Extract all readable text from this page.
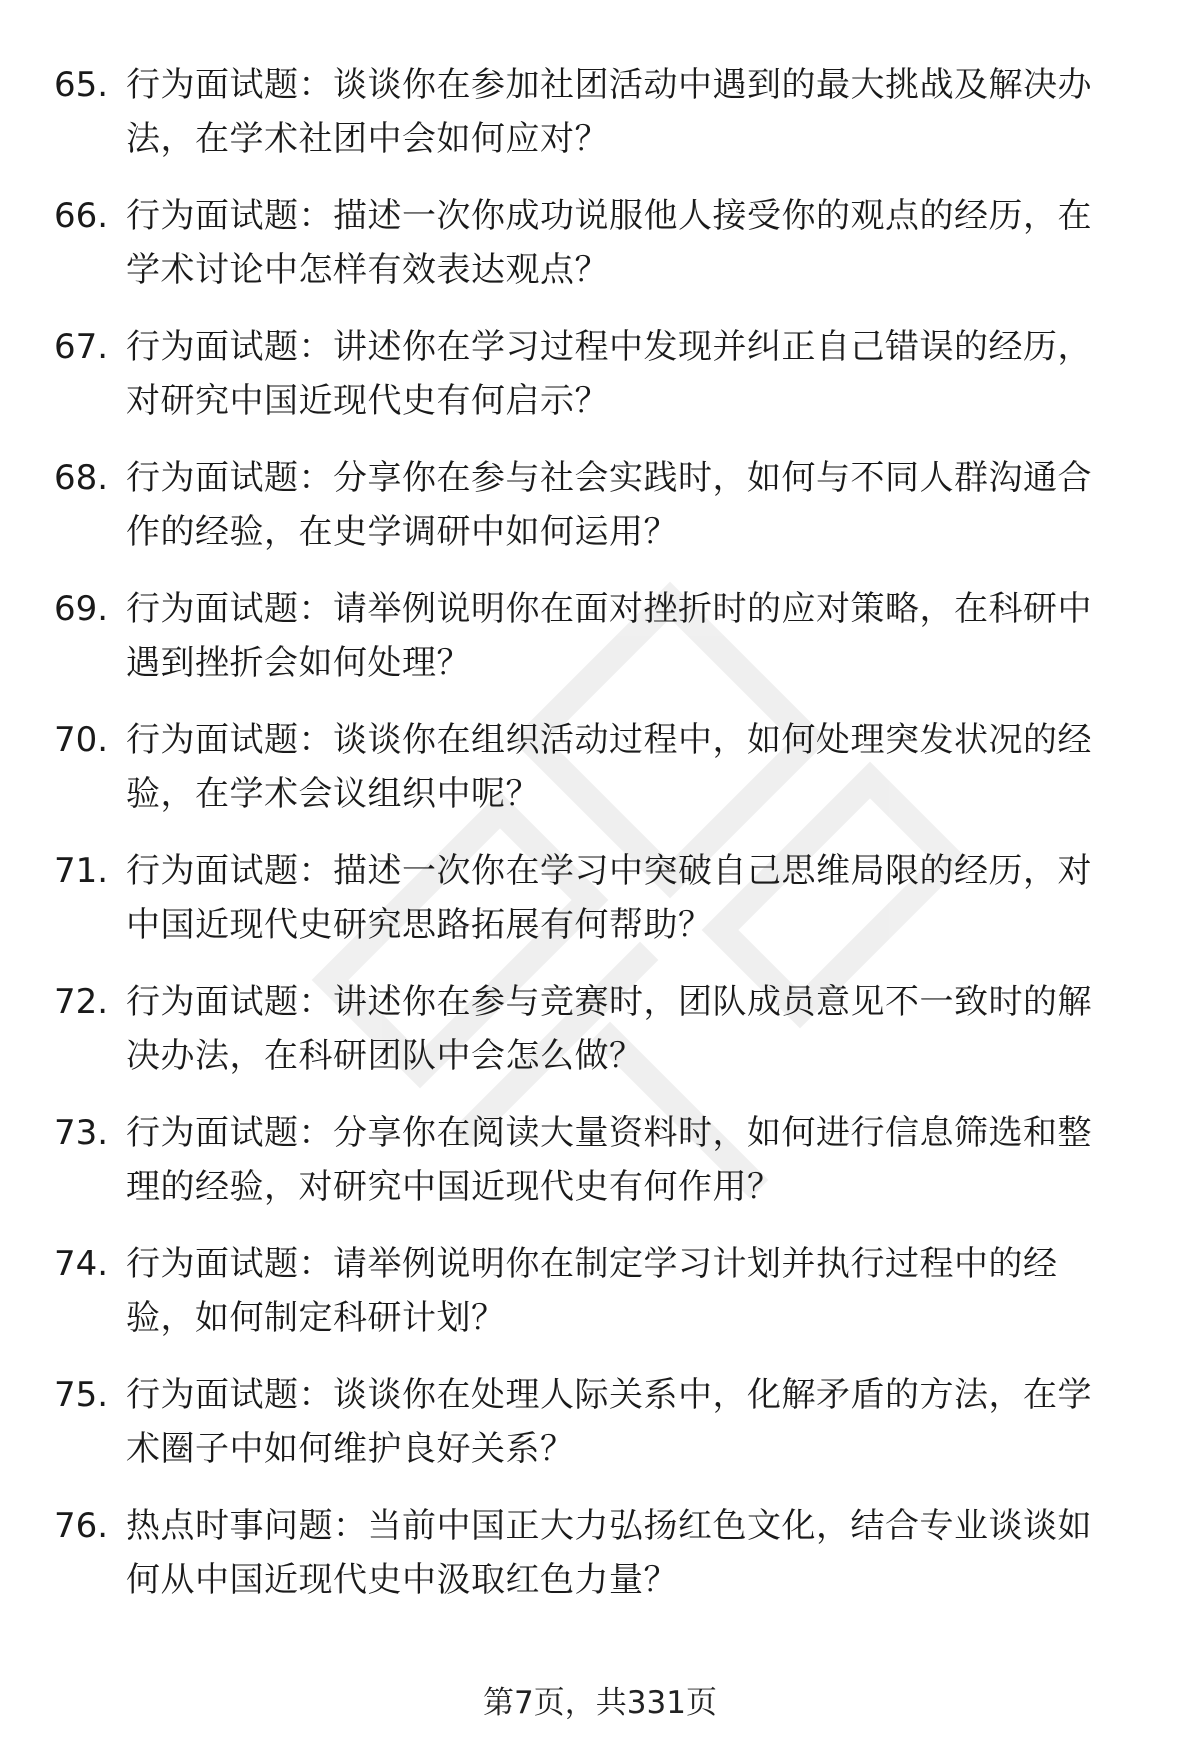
65. 行为面试题：谈谈你在参加社团活动中遇到的最大挑战及解决办法，在学术社团中会如何应对？
66. 行为面试题：描述一次你成功说服他人接受你的观点的经历，在学术讨论中怎样有效表达观点？
67. 行为面试题：讲述你在学习过程中发现并纠正自己错误的经历，对研究中国近现代史有何启示？
68. 行为面试题：分享你在参与社会实践时，如何与不同人群沟通合作的经验，在史学调研中如何运用？
69. 行为面试题：请举例说明你在面对挫折时的应对策略，在科研中遇到挫折会如何处理？
70. 行为面试题：谈谈你在组织活动过程中，如何处理突发状况的经验，在学术会议组织中呢？
71. 行为面试题：描述一次你在学习中突破自己思维局限的经历，对中国近现代史研究思路拓展有何帮助？
72. 行为面试题：讲述你在参与竞赛时，团队成员意见不一致时的解决办法，在科研团队中会怎么做？
73. 行为面试题：分享你在阅读大量资料时，如何进行信息筛选和整理的经验，对研究中国近现代史有何作用？
74. 行为面试题：请举例说明你在制定学习计划并执行过程中的经验，如何制定科研计划？
75. 行为面试题：谈谈你在处理人际关系中，化解矛盾的方法，在学术圈子中如何维护良好关系？
76. 热点时事问题：当前中国正大力弘扬红色文化，结合专业谈谈如何从中国近现代史中汲取红色力量？
第7页，共331页
